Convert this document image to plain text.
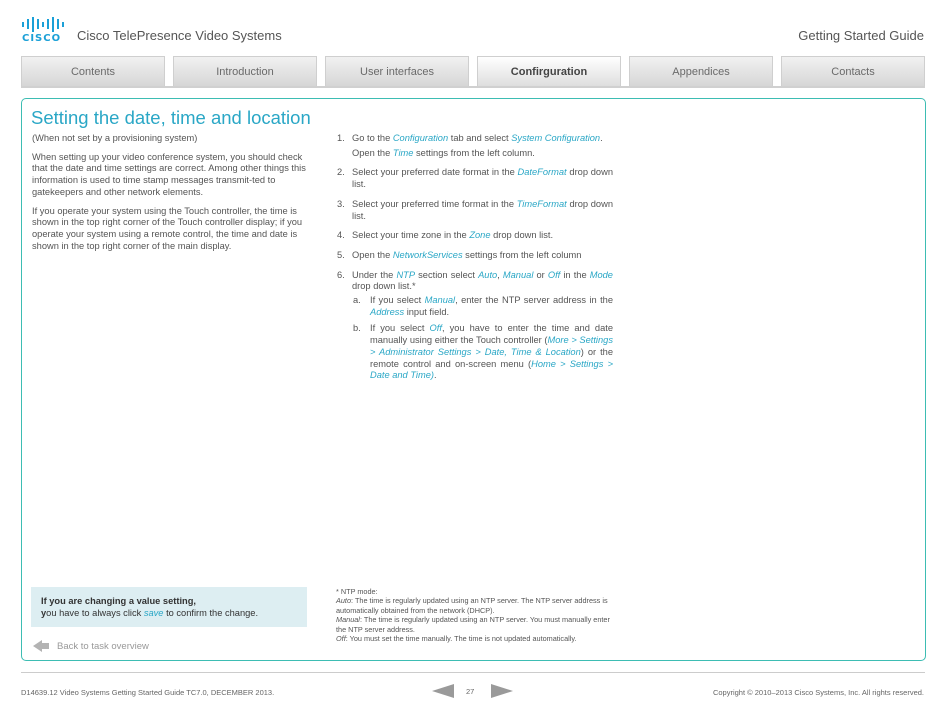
CISCO	Cisco TelePresence Video Systems	Getting Started Guide
Contents	Introduction	User interfaces	Confirguration	Appendices	Contacts
Setting the date, time and location

(When not set by a provisioning system)

When setting up your video conference system, you should check that the date and time settings are correct. Among other things this information is used to time stamp messages transmit-ted to gatekeepers and other network elements.

If you operate your system using the Touch controller, the time is shown in the top right corner of the Touch controller display; if you operate your system using a remote control, the time and date is shown in the top right corner of the main display.

1. Go to the Configuration tab and select System Configuration.
Open the Time settings from the left column.
2. Select your preferred date format in the DateFormat drop down list.
3. Select your preferred time format in the TimeFormat drop down list.
4. Select your time zone in the Zone drop down list.
5. Open the NetworkServices settings from the left column
6. Under the NTP section select Auto, Manual or Off in the Mode drop down list.*
a. If you select Manual, enter the NTP server address in the Address input field.
b. If you select Off, you have to enter the time and date manually using either the Touch controller (More > Settings > Administrator Settings > Date, Time & Location) or the remote control and on-screen menu (Home > Settings > Date and Time).
If you are changing a value setting,
you have to always click save to confirm the change.
Back to task overview
* NTP mode:
Auto: The time is regularly updated using an NTP server. The NTP server address is automatically obtained from the network (DHCP).
Manual: The time is regularly updated using an NTP server. You must manually enter the NTP server address.
Off: You must set the time manually. The time is not updated automatically.
D14639.12 Video Systems Getting Started Guide TC7.0, DECEMBER 2013.	27	Copyright © 2010–2013 Cisco Systems, Inc. All rights reserved.
